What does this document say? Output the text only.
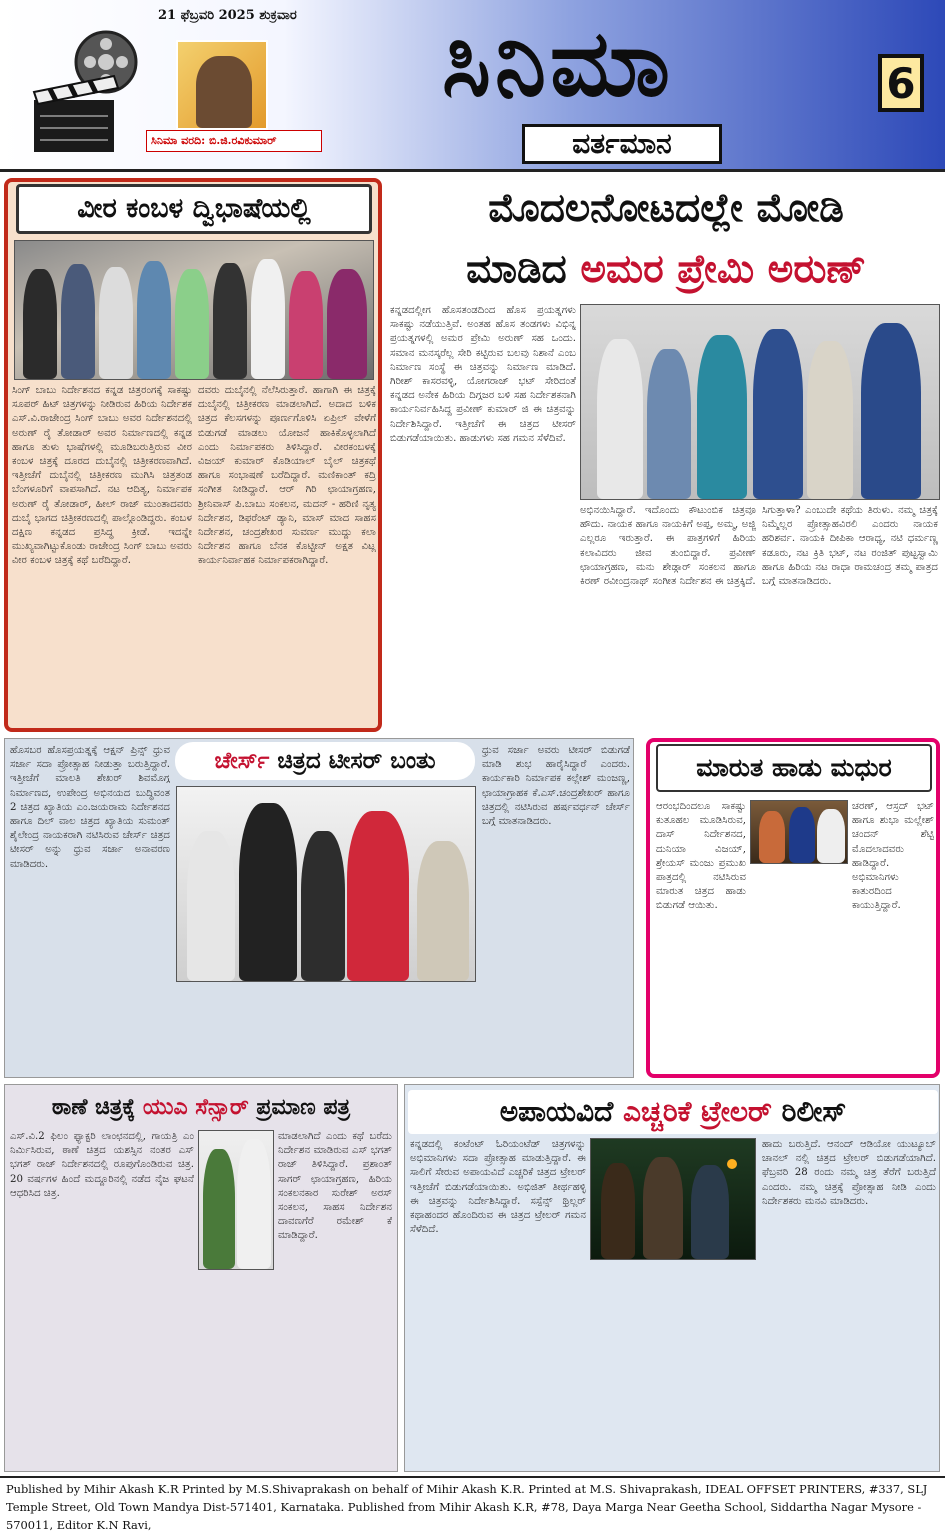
21 ಫೆಬ್ರವರಿ 2025 ಶುಕ್ರವಾರ
ಸಿನಿಮಾ ವರದಿ: ಬಿ.ಜಿ.ರವಿಕುಮಾರ್
ಸಿನಿಮಾ
ವರ್ತಮಾನ
6
ವೀರ ಕಂಬಳ ದ್ವಿಭಾಷೆಯಲ್ಲಿ
ಸಿಂಗ್ ಬಾಬು ನಿರ್ದೇಶನದ ಕನ್ನಡ ಚಿತ್ರರಂಗಕ್ಕೆ ಸಾಕಷ್ಟು ಸೂಪರ್ ಹಿಟ್ ಚಿತ್ರಗಳನ್ನು ನೀಡಿರುವ ಹಿರಿಯ ನಿರ್ದೇಶಕ ಎಸ್.ವಿ.ರಾಜೇಂದ್ರ ಸಿಂಗ್ ಬಾಬು ಅವರ ನಿರ್ದೇಶನದಲ್ಲಿ ಅರುಣ್ ರೈ ತೋಡಾರ್ ಅವರ ನಿರ್ಮಾಣದಲ್ಲಿ ಕನ್ನಡ ಹಾಗೂ ತುಳು ಭಾಷೆಗಳಲ್ಲಿ ಮೂಡಿಬರುತ್ತಿರುವ ವೀರ ಕಂಬಳ ಚಿತ್ರಕ್ಕೆ ದೂರದ ದುಬೈನಲ್ಲಿ ಚಿತ್ರೀಕರಣವಾಗಿದೆ. ಇತ್ತೀಚೆಗೆ ದುಬೈನಲ್ಲಿ ಚಿತ್ರೀಕರಣ ಮುಗಿಸಿ ಚಿತ್ರತಂಡ ಬೆಂಗಳೂರಿಗೆ ವಾಪಸಾಗಿದೆ. ನಟ ಆದಿತ್ಯ, ನಿರ್ಮಾಪಕ ಅರುಣ್ ರೈ ತೋಡಾರ್, ಹೀಲ್ ರಾಜ್ ಮುಂತಾದವರು ದುಬೈ ಭಾಗದ ಚಿತ್ರೀಕರಣದಲ್ಲಿ ಪಾಲ್ಗೊಂಡಿದ್ದರು. ಕಂಬಳ ದಕ್ಷಿಣ ಕನ್ನಡದ ಪ್ರಸಿದ್ಧ ಕ್ರೀಡೆ. ಇದನ್ನೇ ಮುಖ್ಯವಾಗಿಟ್ಟುಕೊಂಡು ರಾಜೇಂದ್ರ ಸಿಂಗ್ ಬಾಬು ಅವರು ವೀರ ಕಂಬಳ ಚಿತ್ರಕ್ಕೆ ಕಥೆ ಬರೆದಿದ್ದಾರೆ.
ದವರು ದುಬೈನಲ್ಲಿ ನೆಲೆಸಿರುತ್ತಾರೆ. ಹಾಗಾಗಿ ಈ ಚಿತ್ರಕ್ಕೆ ದುಬೈನಲ್ಲಿ ಚಿತ್ರೀಕರಣ ಮಾಡಲಾಗಿದೆ. ಅದಾದ ಬಳಿಕ ಚಿತ್ರದ ಕೆಲಸಗಳನ್ನು ಪೂರ್ಣಗೊಳಿಸಿ ಏಪ್ರಿಲ್ ವೇಳೆಗೆ ಬಿಡುಗಡೆ ಮಾಡಲು ಯೋಜನೆ ಹಾಕಿಕೊಳ್ಳಲಾಗಿದೆ ಎಂದು ನಿರ್ಮಾಪಕರು ತಿಳಿಸಿದ್ದಾರೆ. ವೀರಕಂಬಳಕ್ಕೆ ವಿಜಯ್ ಕುಮಾರ್ ಕೊಡಿಯಾಲ್ ಬೈಲ್ ಚಿತ್ರಕಥೆ ಹಾಗೂ ಸಂಭಾಷಣೆ ಬರೆದಿದ್ದಾರೆ. ಮಣಿಕಾಂತ್ ಕದ್ರಿ ಸಂಗೀತ ನೀಡಿದ್ದಾರೆ. ಆರ್ ಗಿರಿ ಛಾಯಾಗ್ರಹಣ, ಶ್ರೀನಿವಾಸ್ ಪಿ.ಬಾಬು ಸಂಕಲನ, ಮದನ್ - ಹರಿಣಿ ನೃತ್ಯ ನಿರ್ದೇಶನ, ಡಿಫರೆಂಟ್ ಡ್ಯಾನಿ, ಮಾಸ್ ಮಾದ ಸಾಹಸ ನಿರ್ದೇಶನ, ಚಂದ್ರಶೇಖರ ಸುವರ್ಣ ಮುದ್ದು ಕಲಾ ನಿರ್ದೇಶನ ಹಾಗೂ ಬೆನಕ ಕೊಟ್ಟೀನ್ ಅಕ್ಷತ ವಿಟ್ಲ ಕಾರ್ಯನಿರ್ವಾಹಕ ನಿರ್ಮಾಪಕರಾಗಿದ್ದಾರೆ.
ಮೊದಲನೋಟದಲ್ಲೇ ಮೋಡಿ
ಮಾಡಿದ ಅಮರ ಪ್ರೇಮಿ ಅರುಣ್
ಕನ್ನಡದಲ್ಲೀಗ ಹೊಸತಂಡದಿಂದ ಹೊಸ ಪ್ರಯತ್ನಗಳು ಸಾಕಷ್ಟು ನಡೆಯುತ್ತಿವೆ. ಅಂತಹ ಹೊಸ ತಂಡಗಳು ವಿಭಿನ್ನ ಪ್ರಯತ್ನಗಳಲ್ಲಿ ಅಮರ ಪ್ರೇಮಿ ಅರುಣ್ ಸಹ ಒಂದು. ಸಮಾನ ಮನಸ್ಕರೆಲ್ಲ ಸೇರಿ ಕಟ್ಟಿರುವ ಬಲವು ನಿಶಾನೆ ಎಂಬ ನಿರ್ಮಾಣ ಸಂಸ್ಥೆ ಈ ಚಿತ್ರವನ್ನು ನಿರ್ಮಾಣ ಮಾಡಿದೆ. ಗಿರೀಶ್ ಕಾಸರವಳ್ಳಿ, ಯೋಗರಾಜ್ ಭಟ್ ಸೇರಿದಂತೆ ಕನ್ನಡದ ಅನೇಕ ಹಿರಿಯ ದಿಗ್ಗಜರ ಬಳಿ ಸಹ ನಿರ್ದೇಶಕನಾಗಿ ಕಾರ್ಯನಿರ್ವಹಿಸಿದ್ದ ಪ್ರವೀಣ್ ಕುಮಾರ್ ಜಿ ಈ ಚಿತ್ರವನ್ನು ನಿರ್ದೇಶಿಸಿದ್ದಾರೆ. ಇತ್ತೀಚೆಗೆ ಈ ಚಿತ್ರದ ಟೀಸರ್ ಬಿಡುಗಡೆಯಾಯಿತು. ಹಾಡುಗಳು ಸಹ ಗಮನ ಸೆಳೆದಿವೆ.
ಅಭಿನಯಿಸಿದ್ದಾರೆ. ಇದೊಂದು ಕೌಟುಂಬಿಕ ಚಿತ್ರವೂ ಹೌದು. ನಾಯಕ ಹಾಗೂ ನಾಯಕಿಗೆ ಅಪ್ಪ, ಅಮ್ಮ, ಅಜ್ಜಿ ಎಲ್ಲರೂ ಇರುತ್ತಾರೆ. ಈ ಪಾತ್ರಗಳಿಗೆ ಹಿರಿಯ ಕಲಾವಿದರು ಜೀವ ತುಂಬಿದ್ದಾರೆ. ಪ್ರವೀಣ್ ಛಾಯಾಗ್ರಹಣ, ಮನು ಶೇಡ್ಗಾರ್ ಸಂಕಲನ ಹಾಗೂ ಕಿರಣ್ ರವೀಂದ್ರನಾಥ್ ಸಂಗೀತ ನಿರ್ದೇಶನ ಈ ಚಿತ್ರಕ್ಕಿದೆ.
ಸಿಗುತ್ತಾಳಾ? ಎಂಬುದೇ ಕಥೆಯ ತಿರುಳು. ನಮ್ಮ ಚಿತ್ರಕ್ಕೆ ನಿಮ್ಮೆಲ್ಲರ ಪ್ರೋತ್ಸಾಹವಿರಲಿ ಎಂದರು ನಾಯಕ ಹರಿಶರ್ವ. ನಾಯಕಿ ದೀಪಿಕಾ ಆರಾಧ್ಯ, ನಟಿ ಧರ್ಮಣ್ಣ ಕಡೂರು, ನಟ ಕ್ರಿತಿ ಭಟ್, ನಟ ರಂಜಿತ್ ಪುಟ್ಟಸ್ವಾಮಿ ಹಾಗೂ ಹಿರಿಯ ನಟ ರಾಧಾ ರಾಮಚಂದ್ರ ತಮ್ಮ ಪಾತ್ರದ ಬಗ್ಗೆ ಮಾತನಾಡಿದರು.
ಚೇರ್ಸ್ ಚಿತ್ರದ ಟೀಸರ್ ಬಂತು
ಹೊಸಬರ ಹೊಸಪ್ರಯತ್ನಕ್ಕೆ ಆಕ್ಷನ್ ಪ್ರಿನ್ಸ್ ಧ್ರುವ ಸರ್ಜಾ ಸದಾ ಪ್ರೋತ್ಸಾಹ ನೀಡುತ್ತಾ ಬರುತ್ತಿದ್ದಾರೆ. ಇತ್ತೀಚೆಗೆ ಮಾಲತಿ ಶೇಖರ್ ಶಿವಮೊಗ್ಗ ನಿರ್ಮಾಣದ, ಉಪೇಂದ್ರ ಅಭಿನಯದ ಬುದ್ಧಿವಂತ 2 ಚಿತ್ರದ ಖ್ಯಾತಿಯ ಎಂ.ಜಯರಾಮ ನಿರ್ದೇಶನದ ಹಾಗೂ ದಿಲ್ ವಾಲ ಚಿತ್ರದ ಖ್ಯಾತಿಯ ಸುಮಂತ್ ಶೈಲೇಂದ್ರ ನಾಯಕರಾಗಿ ನಟಿಸಿರುವ ಚೇರ್ಸ್ ಚಿತ್ರದ ಟೀಸರ್ ಅನ್ನು ಧ್ರುವ ಸರ್ಜಾ ಅನಾವರಣ ಮಾಡಿದರು.
ಧ್ರುವ ಸರ್ಜಾ ಅವರು ಟೀಸರ್ ಬಿಡುಗಡೆ ಮಾಡಿ ಶುಭ ಹಾರೈಸಿದ್ದಾರೆ ಎಂದರು. ಕಾರ್ಯಕಾರಿ ನಿರ್ಮಾಪಕ ಕಲ್ಲೇಶ್ ಮಂಜಣ್ಣ, ಛಾಯಾಗ್ರಾಹಕ ಕೆ.ಎಸ್.ಚಂದ್ರಶೇಖರ್ ಹಾಗೂ ಚಿತ್ರದಲ್ಲಿ ನಟಿಸಿರುವ ಹರ್ಷವರ್ಧನ್ ಚೇರ್ಸ್ ಬಗ್ಗೆ ಮಾತನಾಡಿದರು.
ಮಾರುತ ಹಾಡು ಮಧುರ
ಆರಂಭದಿಂದಲೂ ಸಾಕಷ್ಟು ಕುತೂಹಲ ಮೂಡಿಸಿರುವ, ದಾಸ್ ನಿರ್ದೇಶನದ, ದುನಿಯಾ ವಿಜಯ್, ಶ್ರೇಯಸ್ ಮಂಜು ಪ್ರಮುಖ ಪಾತ್ರದಲ್ಲಿ ನಟಿಸಿರುವ ಮಾರುತ ಚಿತ್ರದ ಹಾಡು ಬಿಡುಗಡೆ ಆಯಿತು.
ಚರಣ್, ಆಸ್ರದ್ ಭಟ್ ಹಾಗೂ ಶುಭಾ ಮಲ್ಲೇಶ್ ಚಂದನ್ ಶೆಟ್ಟಿ ಮೊದಲಾದವರು ಹಾಡಿದ್ದಾರೆ. ಅಭಿಮಾನಿಗಳು ಕಾತುರದಿಂದ ಕಾಯುತ್ತಿದ್ದಾರೆ.
ಠಾಣೆ ಚಿತ್ರಕ್ಕೆ ಯುಎ ಸೆನ್ಸಾರ್ ಪ್ರಮಾಣ ಪತ್ರ
ಎಸ್.ವಿ.2 ಫಿಲಂ ಫ್ಯಾಕ್ಟರಿ ಲಾಂಛನದಲ್ಲಿ, ಗಾಯತ್ರಿ ಎಂ ನಿರ್ಮಿಸಿರುವ, ಠಾಣೆ ಚಿತ್ರದ ಯಶಸ್ಸಿನ ನಂತರ ಎಸ್ ಭಗತ್ ರಾಜ್ ನಿರ್ದೇಶನದಲ್ಲಿ ರೂಪುಗೊಂಡಿರುವ ಚಿತ್ರ. 20 ವರ್ಷಗಳ ಹಿಂದೆ ಮದ್ದೂರಿನಲ್ಲಿ ನಡೆದ ನೈಜ ಘಟನೆ ಆಧರಿಸಿದ ಚಿತ್ರ.
ಮಾಡಲಾಗಿದೆ ಎಂದು ಕಥೆ ಬರೆದು ನಿರ್ದೇಶನ ಮಾಡಿರುವ ಎಸ್ ಭಗತ್ ರಾಜ್ ತಿಳಿಸಿದ್ದಾರೆ. ಪ್ರಶಾಂತ್ ಸಾಗರ್ ಛಾಯಾಗ್ರಹಣ, ಹಿರಿಯ ಸಂಕಲನಕಾರ ಸುರೇಶ್ ಅರಸ್ ಸಂಕಲನ, ಸಾಹಸ ನಿರ್ದೇಶನ ದಾವಣಗೆರೆ ರಮೇಶ್ ಕೆ ಮಾಡಿದ್ದಾರೆ.
ಅಪಾಯವಿದೆ ಎಚ್ಚರಿಕೆ ಟ್ರೇಲರ್ ರಿಲೀಸ್
ಕನ್ನಡದಲ್ಲಿ ಕಂಟೆಂಟ್ ಓರಿಯಂಟೆಡ್ ಚಿತ್ರಗಳನ್ನು ಅಭಿಮಾನಿಗಳು ಸದಾ ಪ್ರೋತ್ಸಾಹ ಮಾಡುತ್ತಿದ್ದಾರೆ. ಈ ಸಾಲಿಗೆ ಸೇರುವ ಅಪಾಯವಿದೆ ಎಚ್ಚರಿಕೆ ಚಿತ್ರದ ಟ್ರೇಲರ್ ಇತ್ತೀಚೆಗೆ ಬಿಡುಗಡೆಯಾಯಿತು. ಅಭಿಜಿತ್ ತೀರ್ಥಹಳ್ಳಿ ಈ ಚಿತ್ರವನ್ನು ನಿರ್ದೇಶಿಸಿದ್ದಾರೆ. ಸಸ್ಪೆನ್ಸ್ ಥ್ರಿಲ್ಲರ್ ಕಥಾಹಂದರ ಹೊಂದಿರುವ ಈ ಚಿತ್ರದ ಟ್ರೇಲರ್ ಗಮನ ಸೆಳೆದಿದೆ.
ಹಾದು ಬರುತ್ತಿದೆ. ಆನಂದ್ ಆಡಿಯೋ ಯುಟ್ಯೂಬ್ ಚಾನಲ್ ನಲ್ಲಿ ಚಿತ್ರದ ಟ್ರೇಲರ್ ಬಿಡುಗಡೆಯಾಗಿದೆ. ಫೆಬ್ರವರಿ 28 ರಂದು ನಮ್ಮ ಚಿತ್ರ ತೆರೆಗೆ ಬರುತ್ತಿದೆ ಎಂದರು. ನಮ್ಮ ಚಿತ್ರಕ್ಕೆ ಪ್ರೋತ್ಸಾಹ ನೀಡಿ ಎಂದು ನಿರ್ದೇಶಕರು ಮನವಿ ಮಾಡಿದರು.
Published by Mihir Akash K.R Printed by M.S.Shivaprakash on behalf of Mihir Akash K.R. Printed at M.S. Shivaprakash, IDEAL OFFSET PRINTERS, #337, SLJ Temple Street, Old Town Mandya Dist-571401, Karnataka. Published from Mihir Akash K.R, #78, Daya Marga Near Geetha School, Siddartha Nagar Mysore - 570011, Editor K.N Ravi,
